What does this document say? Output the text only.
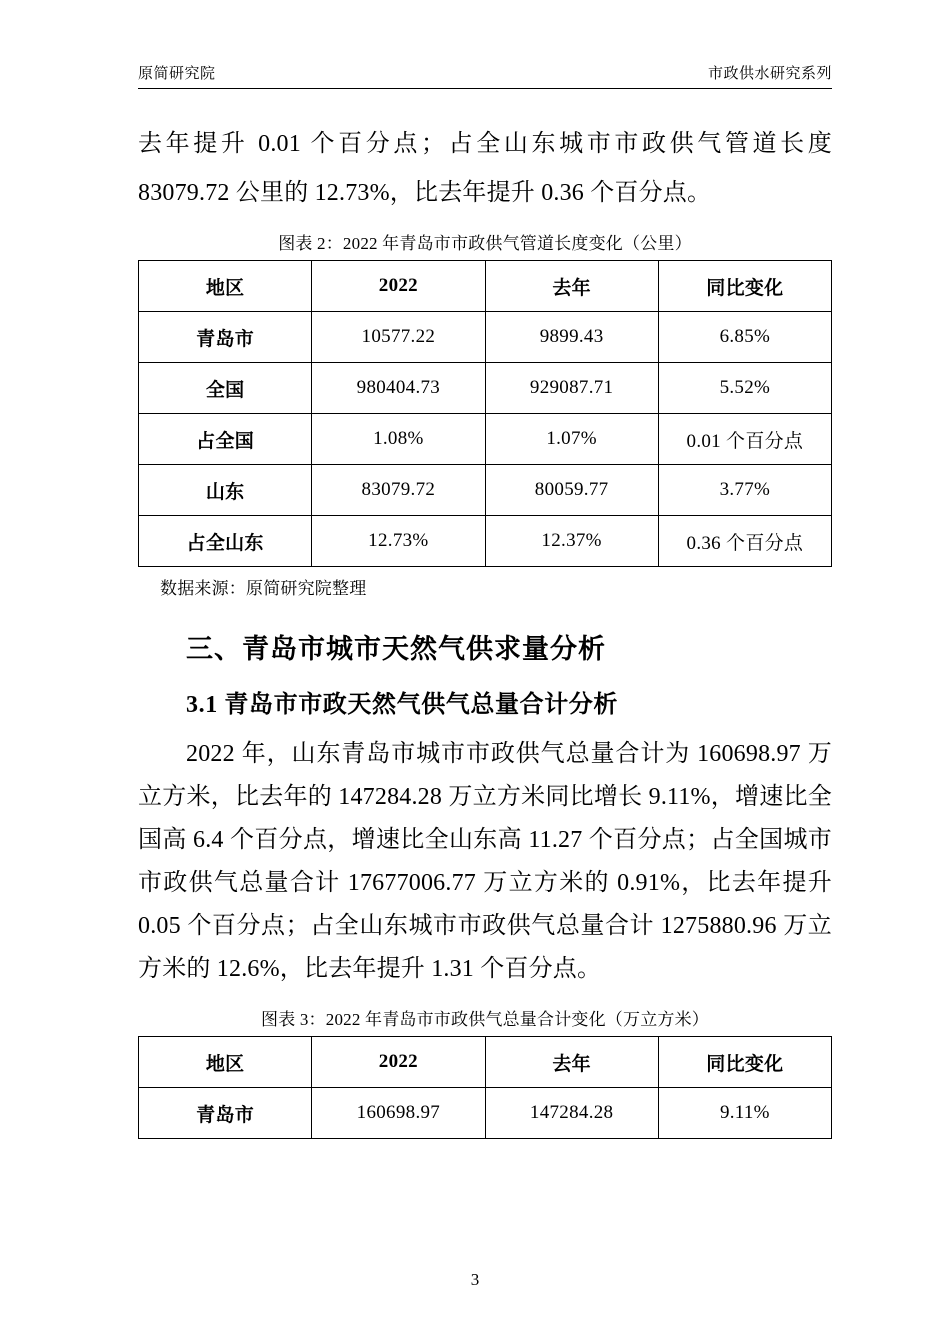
原简研究院	市政供水研究系列

去年提升 0.01 个百分点；占全山东城市市政供气管道长度

83079.72 公里的 12.73%，比去年提升 0.36 个百分点。

图表 2：2022 年青岛市市政供气管道长度变化（公里）
地区	2022	去年	同比变化
青岛市	10577.22	9899.43	6.85%
全国	980404.73	929087.71	5.52%
占全国	1.08%	1.07%	0.01 个百分点
山东	83079.72	80059.77	3.77%
占全山东	12.73%	12.37%	0.36 个百分点
数据来源：原简研究院整理
三、青岛市城市天然气供求量分析
3.1 青岛市市政天然气供气总量合计分析

2022 年，山东青岛市城市市政供气总量合计为 160698.97 万立方米，比去年的 147284.28 万立方米同比增长 9.11%，增速比全国高 6.4 个百分点，增速比全山东高 11.27 个百分点；占全国城市市政供气总量合计 17677006.77 万立方米的 0.91%，比去年提升 0.05 个百分点；占全山东城市市政供气总量合计 1275880.96 万立方米的 12.6%，比去年提升 1.31 个百分点。

图表 3：2022 年青岛市市政供气总量合计变化（万立方米）
地区	2022	去年	同比变化
青岛市	160698.97	147284.28	9.11%
3
